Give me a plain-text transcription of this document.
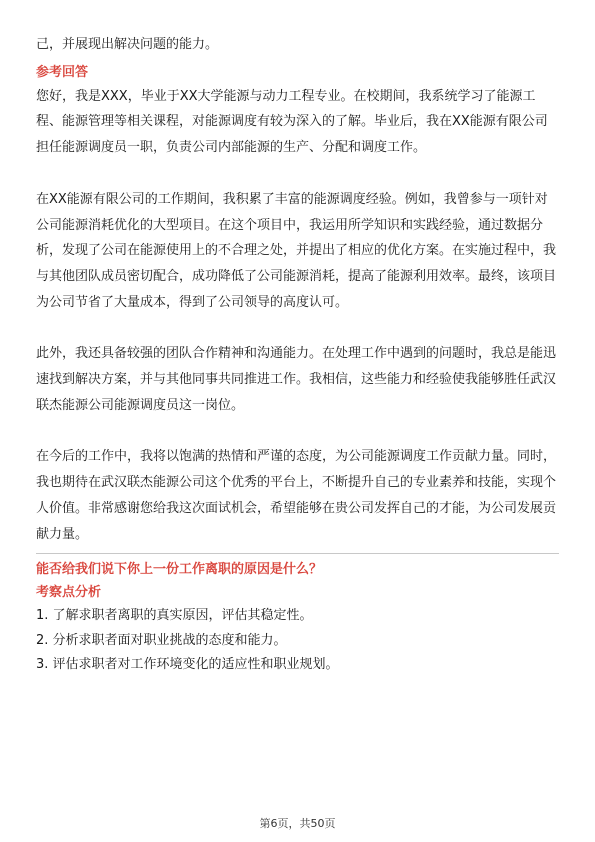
己，并展现出解决问题的能力。

参考回答

您好，我是XXX，毕业于XX大学能源与动力工程专业。在校期间，我系统学习了能源工程、能源管理等相关课程，对能源调度有较为深入的了解。毕业后，我在XX能源有限公司担任能源调度员一职，负责公司内部能源的生产、分配和调度工作。

在XX能源有限公司的工作期间，我积累了丰富的能源调度经验。例如，我曾参与一项针对公司能源消耗优化的大型项目。在这个项目中，我运用所学知识和实践经验，通过数据分析，发现了公司在能源使用上的不合理之处，并提出了相应的优化方案。在实施过程中，我与其他团队成员密切配合，成功降低了公司能源消耗，提高了能源利用效率。最终，该项目为公司节省了大量成本，得到了公司领导的高度认可。

此外，我还具备较强的团队合作精神和沟通能力。在处理工作中遇到的问题时，我总是能迅速找到解决方案，并与其他同事共同推进工作。我相信，这些能力和经验使我能够胜任武汉联杰能源公司能源调度员这一岗位。

在今后的工作中，我将以饱满的热情和严谨的态度，为公司能源调度工作贡献力量。同时，我也期待在武汉联杰能源公司这个优秀的平台上，不断提升自己的专业素养和技能，实现个人价值。非常感谢您给我这次面试机会，希望能够在贵公司发挥自己的才能，为公司发展贡献力量。

能否给我们说下你上一份工作离职的原因是什么？
考察点分析
1. 了解求职者离职的真实原因，评估其稳定性。
2. 分析求职者面对职业挑战的态度和能力。
3. 评估求职者对工作环境变化的适应性和职业规划。
第6页，共50页
